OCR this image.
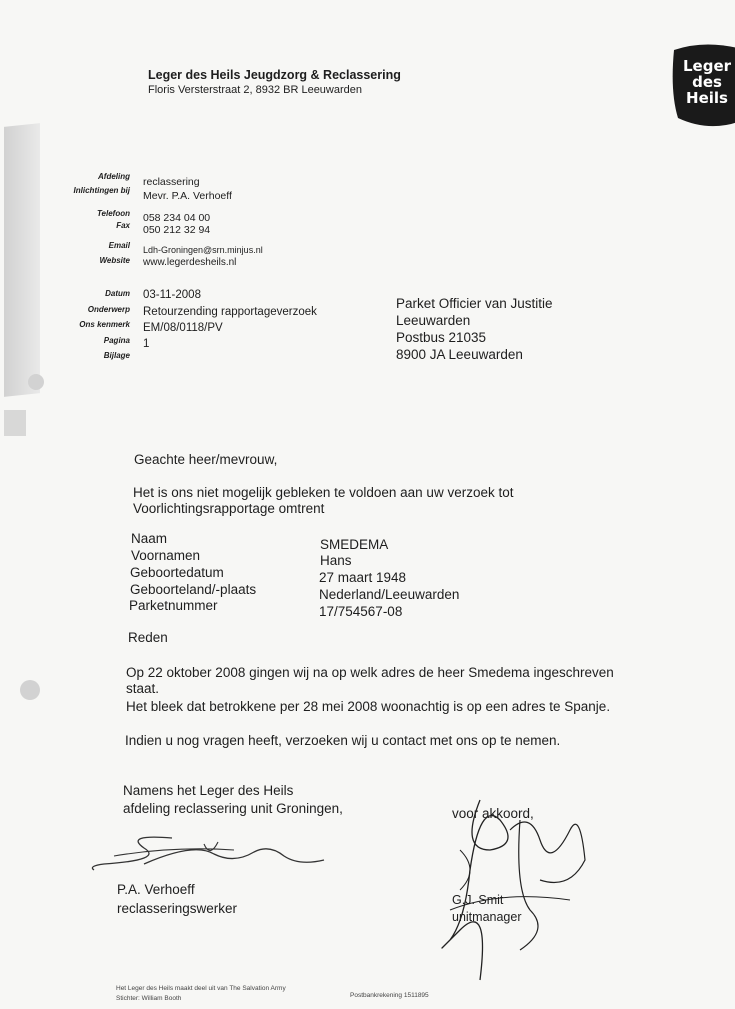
Leger des Heils Jeugdzorg & Reclassering
Floris Versterstraat 2, 8932 BR Leeuwarden
Leger
des
Heils
Afdeling reclassering
Inlichtingen bij Mevr. P.A. Verhoeff
Telefoon 058 234 04 00
Fax 050 212 32 94
Email Ldh-Groningen@srn.minjus.nl
Website www.legerdesheils.nl
Datum 03-11-2008
Onderwerp Retourzending rapportageverzoek
Ons kenmerk EM/08/0118/PV
Pagina 1
Bijlage
Parket Officier van Justitie
Leeuwarden
Postbus 21035
8900 JA Leeuwarden
Geachte heer/mevrouw,
Het is ons niet mogelijk gebleken te voldoen aan uw verzoek tot
Voorlichtingsrapportage omtrent
Naam	SMEDEMA
Voornamen	Hans
Geboortedatum	27 maart 1948
Geboorteland/-plaats	Nederland/Leeuwarden
Parketnummer	17/754567-08
Reden
Op 22 oktober 2008 gingen wij na op welk adres de heer Smedema ingeschreven
staat.
Het bleek dat betrokkene per 28 mei 2008 woonachtig is op een adres te Spanje.
Indien u nog vragen heeft, verzoeken wij u contact met ons op te nemen.
Namens het Leger des Heils
afdeling reclassering unit Groningen,	voor akkoord,
P.A. Verhoeff
reclasseringswerker
G.J. Smit
unitmanager
Het Leger des Heils maakt deel uit van The Salvation Army
Stichter: William Booth	Postbankrekening 1511895
